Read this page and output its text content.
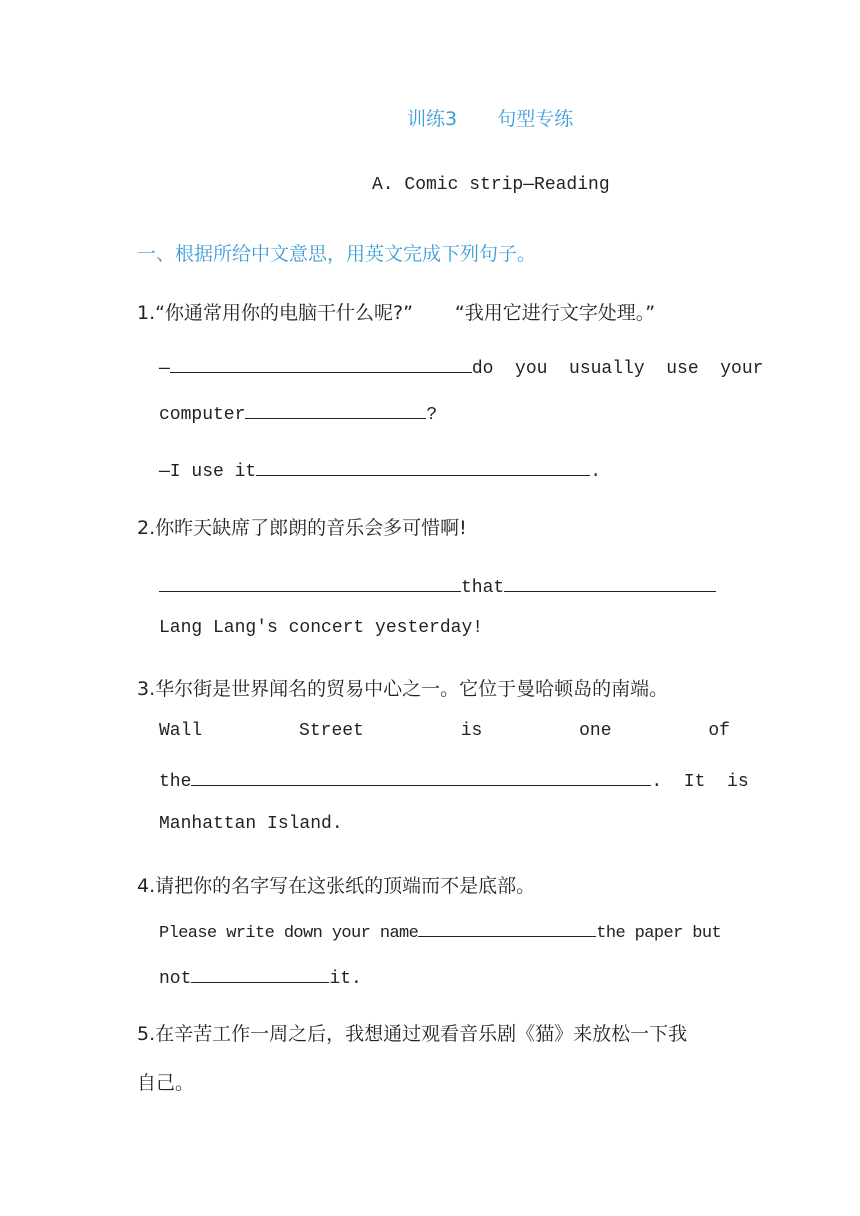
训练3 句型专练
A. Comic strip—Reading
一、根据所给中文意思，用英文完成下列句子。
1.“你通常用你的电脑干什么呢?” “我用它进行文字处理。”
—	do  you  usually  use  your
computer	?
—I use it	.
2.你昨天缺席了郎朗的音乐会多可惜啊!
that
Lang Lang's concert yesterday!
3.华尔街是世界闻名的贸易中心之一。它位于曼哈顿岛的南端。
Wall	Street	is	one	of
the	.  It  is
Manhattan Island.
4.请把你的名字写在这张纸的顶端而不是底部。
Please write down your name	the paper but
not	it.
5.在辛苦工作一周之后，我想通过观看音乐剧《猫》来放松一下我
自己。
